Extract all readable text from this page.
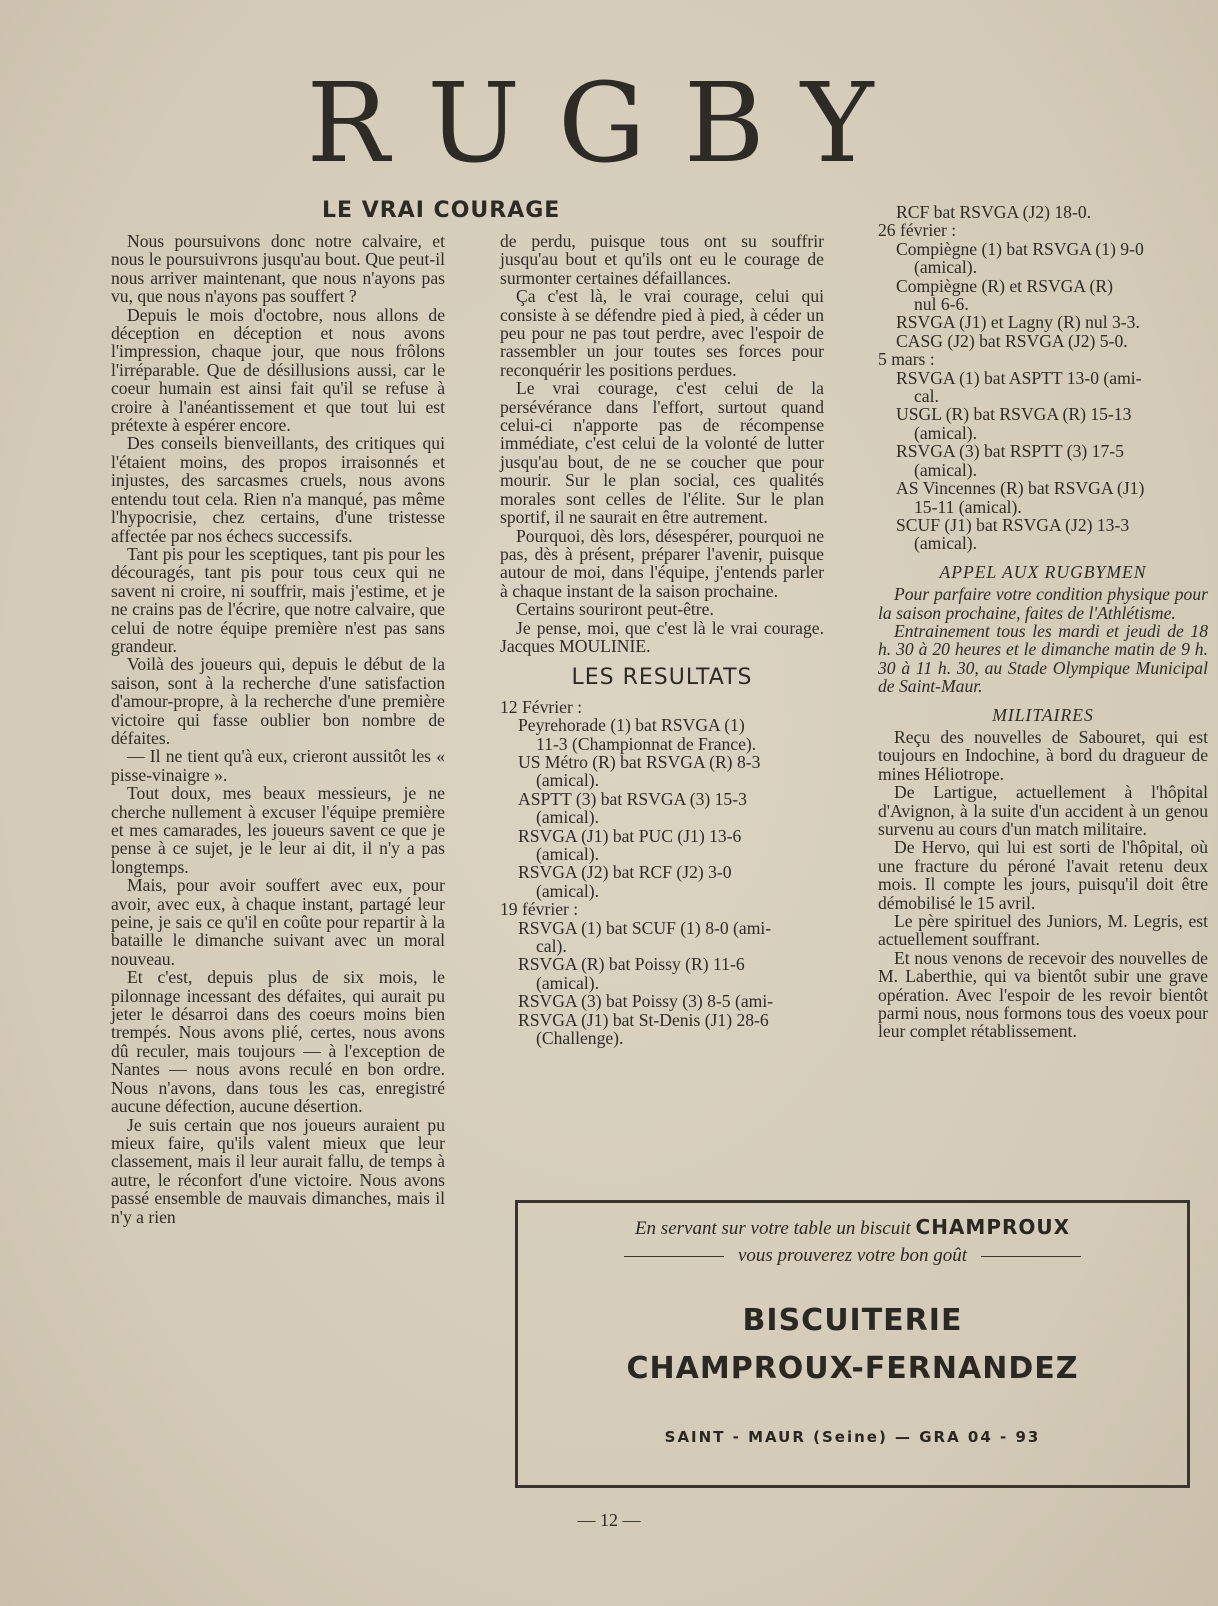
RUGBY
LE VRAI COURAGE

Nous poursuivons donc notre calvaire, et nous le poursuivrons jusqu'au bout. Que peut-il nous arriver maintenant, que nous n'ayons pas vu, que nous n'ayons pas souffert ?

Depuis le mois d'octobre, nous allons de déception en déception et nous avons l'impression, chaque jour, que nous frôlons l'irréparable. Que de désillusions aussi, car le coeur humain est ainsi fait qu'il se refuse à croire à l'anéantissement et que tout lui est prétexte à espérer encore.

Des conseils bienveillants, des critiques qui l'étaient moins, des propos irraisonnés et injustes, des sarcasmes cruels, nous avons entendu tout cela. Rien n'a manqué, pas même l'hypocrisie, chez certains, d'une tristesse affectée par nos échecs successifs.

Tant pis pour les sceptiques, tant pis pour les découragés, tant pis pour tous ceux qui ne savent ni croire, ni souffrir, mais j'estime, et je ne crains pas de l'écrire, que notre calvaire, que celui de notre équipe première n'est pas sans grandeur.

Voilà des joueurs qui, depuis le début de la saison, sont à la recherche d'une satisfaction d'amour-propre, à la recherche d'une première victoire qui fasse oublier bon nombre de défaites.

— Il ne tient qu'à eux, crieront aussitôt les « pisse-vinaigre ».

Tout doux, mes beaux messieurs, je ne cherche nullement à excuser l'équipe première et mes camarades, les joueurs savent ce que je pense à ce sujet, je le leur ai dit, il n'y a pas longtemps.

Mais, pour avoir souffert avec eux, pour avoir, avec eux, à chaque instant, partagé leur peine, je sais ce qu'il en coûte pour repartir à la bataille le dimanche suivant avec un moral nouveau.

Et c'est, depuis plus de six mois, le pilonnage incessant des défaites, qui aurait pu jeter le désarroi dans des coeurs moins bien trempés. Nous avons plié, certes, nous avons dû reculer, mais toujours — à l'exception de Nantes — nous avons reculé en bon ordre. Nous n'avons, dans tous les cas, enregistré aucune défection, aucune désertion.

Je suis certain que nos joueurs auraient pu mieux faire, qu'ils valent mieux que leur classement, mais il leur aurait fallu, de temps à autre, le réconfort d'une victoire. Nous avons passé ensemble de mauvais dimanches, mais il n'y a rien

de perdu, puisque tous ont su souffrir jusqu'au bout et qu'ils ont eu le courage de surmonter certaines défaillances.

Ça c'est là, le vrai courage, celui qui consiste à se défendre pied à pied, à céder un peu pour ne pas tout perdre, avec l'espoir de rassembler un jour toutes ses forces pour reconquérir les positions perdues.

Le vrai courage, c'est celui de la persévérance dans l'effort, surtout quand celui-ci n'apporte pas de récompense immédiate, c'est celui de la volonté de lutter jusqu'au bout, de ne se coucher que pour mourir. Sur le plan social, ces qualités morales sont celles de l'élite. Sur le plan sportif, il ne saurait en être autrement.

Pourquoi, dès lors, désespérer, pourquoi ne pas, dès à présent, préparer l'avenir, puisque autour de moi, dans l'équipe, j'entends parler à chaque instant de la saison prochaine.

Certains souriront peut-être.

Je pense, moi, que c'est là le vrai courage. Jacques MOULINIE.

LES RESULTATS
12 Février :
Peyrehorade (1) bat RSVGA (1)
11-3 (Championnat de France).
US Métro (R) bat RSVGA (R) 8-3
(amical).
ASPTT (3) bat RSVGA (3) 15-3
(amical).
RSVGA (J1) bat PUC (J1) 13-6
(amical).
RSVGA (J2) bat RCF (J2) 3-0
(amical).
19 février :
RSVGA (1) bat SCUF (1) 8-0 (ami-
cal).
RSVGA (R) bat Poissy (R) 11-6
(amical).
RSVGA (3) bat Poissy (3) 8-5 (ami-
RSVGA (J1) bat St-Denis (J1) 28-6
(Challenge).
RCF bat RSVGA (J2) 18-0.
26 février :
Compiègne (1) bat RSVGA (1) 9-0
(amical).
Compiègne (R) et RSVGA (R)
nul 6-6.
RSVGA (J1) et Lagny (R) nul 3-3.
CASG (J2) bat RSVGA (J2) 5-0.
5 mars :
RSVGA (1) bat ASPTT 13-0 (ami-
cal.
USGL (R) bat RSVGA (R) 15-13
(amical).
RSVGA (3) bat RSPTT (3) 17-5
(amical).
AS Vincennes (R) bat RSVGA (J1)
15-11 (amical).
SCUF (J1) bat RSVGA (J2) 13-3
(amical).
APPEL AUX RUGBYMEN

Pour parfaire votre condition physique pour la saison prochaine, faites de l'Athlétisme.

Entrainement tous les mardi et jeudi de 18 h. 30 à 20 heures et le dimanche matin de 9 h. 30 à 11 h. 30, au Stade Olympique Municipal de Saint-Maur.

MILITAIRES

Reçu des nouvelles de Sabouret, qui est toujours en Indochine, à bord du dragueur de mines Héliotrope.

De Lartigue, actuellement à l'hôpital d'Avignon, à la suite d'un accident à un genou survenu au cours d'un match militaire.

De Hervo, qui lui est sorti de l'hôpital, où une fracture du péroné l'avait retenu deux mois. Il compte les jours, puisqu'il doit être démobilisé le 15 avril.

Le père spirituel des Juniors, M. Legris, est actuellement souffrant.

Et nous venons de recevoir des nouvelles de M. Laberthie, qui va bientôt subir une grave opération. Avec l'espoir de les revoir bientôt parmi nous, nous formons tous des voeux pour leur complet rétablissement.

En servant sur votre table un biscuit CHAMPROUX
vous prouverez votre bon goût
BISCUITERIE
CHAMPROUX-FERNANDEZ
SAINT - MAUR (Seine) — GRA 04 - 93
— 12 —
